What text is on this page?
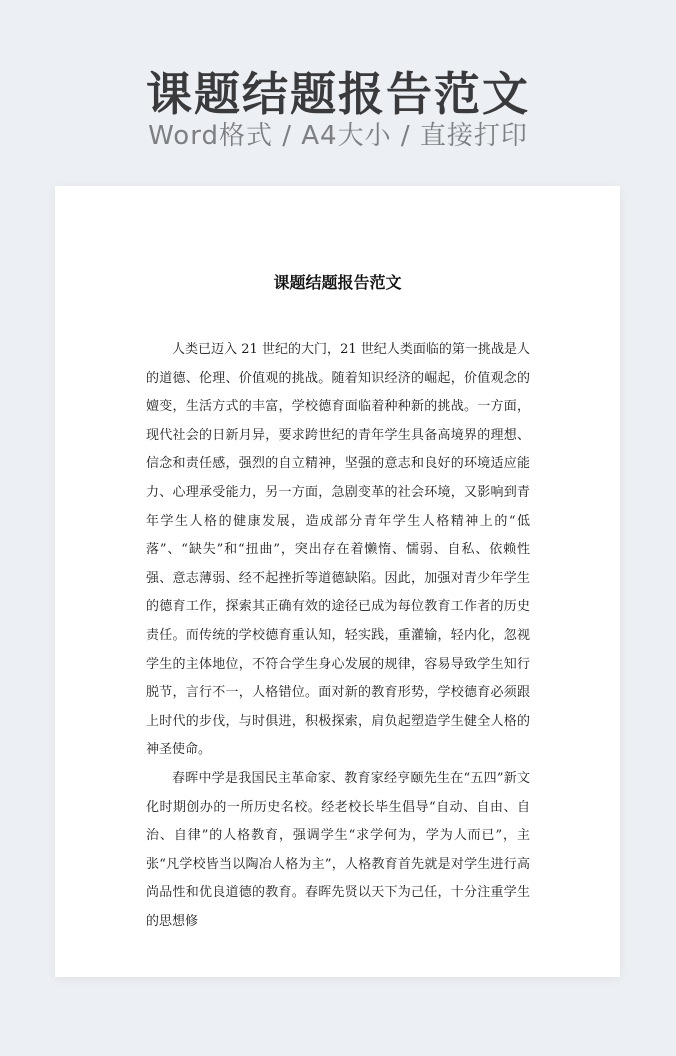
课题结题报告范文
Word格式 / A4大小 / 直接打印
课题结题报告范文

人类已迈入 21 世纪的大门，21 世纪人类面临的第一挑战是人的道德、伦理、价值观的挑战。随着知识经济的崛起，价值观念的嬗变，生活方式的丰富，学校德育面临着种种新的挑战。一方面，现代社会的日新月异，要求跨世纪的青年学生具备高境界的理想、信念和责任感，强烈的自立精神，坚强的意志和良好的环境适应能力、心理承受能力，另一方面，急剧变革的社会环境，又影响到青年学生人格的健康发展，造成部分青年学生人格精神上的“低落”、“缺失”和“扭曲”，突出存在着懒惰、懦弱、自私、依赖性强、意志薄弱、经不起挫折等道德缺陷。因此，加强对青少年学生的德育工作，探索其正确有效的途径已成为每位教育工作者的历史责任。而传统的学校德育重认知，轻实践，重灌输，轻内化，忽视学生的主体地位，不符合学生身心发展的规律，容易导致学生知行脱节，言行不一，人格错位。面对新的教育形势，学校德育必须跟上时代的步伐，与时俱进，积极探索，肩负起塑造学生健全人格的神圣使命。

春晖中学是我国民主革命家、教育家经亨颐先生在“五四”新文化时期创办的一所历史名校。经老校长毕生倡导“自动、自由、自治、自律”的人格教育，强调学生“求学何为，学为人而已”，主张“凡学校皆当以陶冶人格为主”，人格教育首先就是对学生进行高尚品性和优良道德的教育。春晖先贤以天下为己任，十分注重学生的思想修
